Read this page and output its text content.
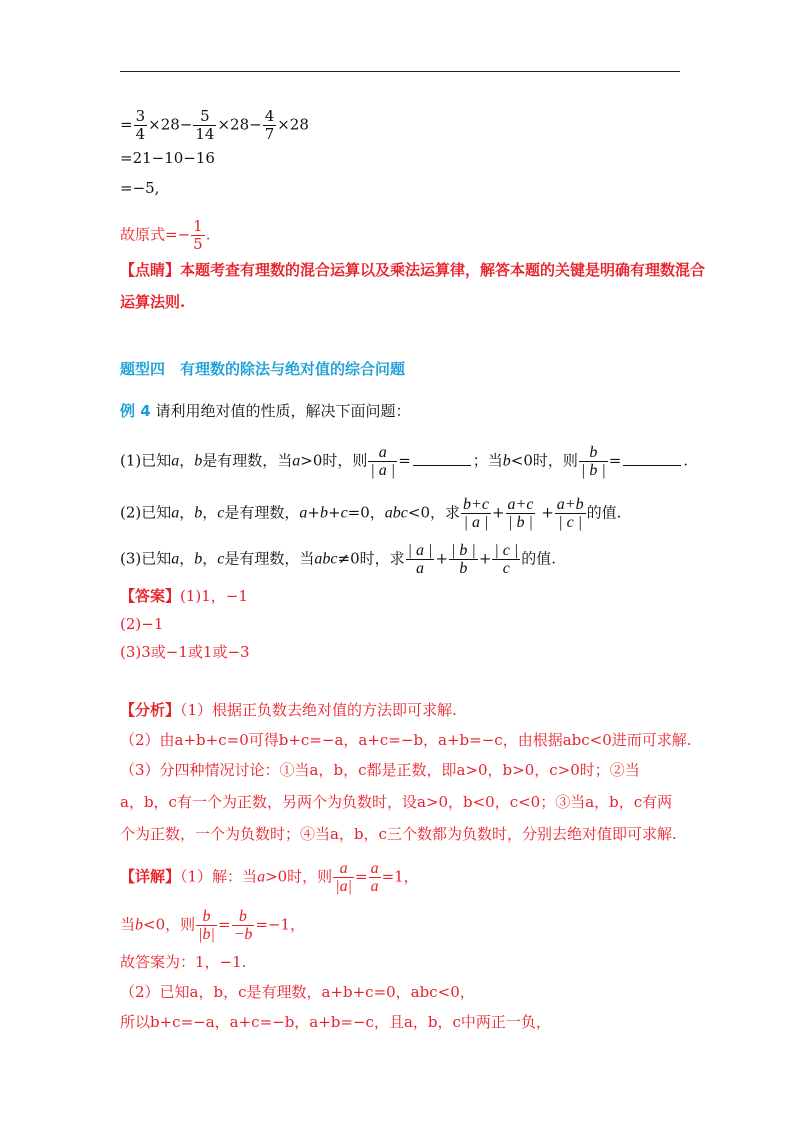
= $\frac{3}{4} \times 28- \frac{5}{14} \times 28- \frac{4}{7} \times 28$
=21−10−16
=−5,
故原式=− $\frac{1}{5}$ .
【点睛】本题考查有理数的混合运算以及乘法运算律，解答本题的关键是明确有理数混合
运算法则.
题型四　有理数的除法与绝对值的综合问题
例 4 请利用绝对值的性质，解决下面问题：
(1)已知a，b是有理数，当a>0时，则 $\frac{a}{| a |}$ =	；当b<0时，则 $\frac{b}{| b |}$ =	.
(2)已知a，b，c是有理数，a+b+c=0，abc<0，求 $\frac{b+c}{| a |} + \frac{a+c}{| b |} + \frac{a+b}{| c |}$ 的值.
(3)已知a，b，c是有理数，当abc≠0时，求 $\frac{| a |}{a} + \frac{| b |}{b} + \frac{| c |}{c}$ 的值.
【答案】(1)1，−1
(2)−1
(3)3或−1或1或−3
【分析】（1）根据正负数去绝对值的方法即可求解.
（2）由a+b+c=0可得b+c=−a，a+c=−b，a+b=−c，由根据abc<0进而可求解.
（3）分四种情况讨论：①当a，b，c都是正数，即a>0，b>0，c>0时；②当
a，b，c有一个为正数，另两个为负数时，设a>0，b<0，c<0；③当a，b，c有两
个为正数，一个为负数时；④当a，b，c三个数都为负数时，分别去绝对值即可求解.
【详解】（1）解：当a>0时，则 $\frac{a}{|a|} = \frac{a}{a} =1$，
当b<0，则 $\frac{b}{|b|} = \frac{b}{-b} =-1$，
故答案为：1，−1.
（2）已知a，b，c是有理数，a+b+c=0，abc<0，
所以b+c=−a，a+c=−b，a+b=−c，且a，b，c中两正一负，
